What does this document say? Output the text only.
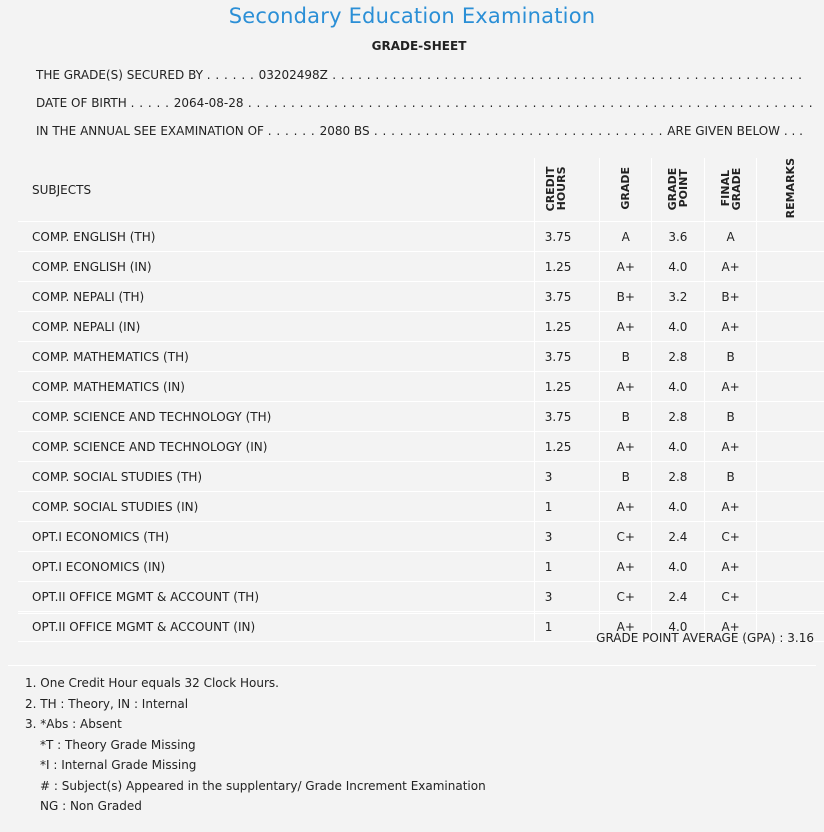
Secondary Education Examination
GRADE-SHEET
THE GRADE(S) SECURED BY . . . . . . 03202498Z . . . . . . . . . . . . . . . . . . . . . . . . . . . . . . . . . . . . . . . . . . . . . . . . . . . . . . .
DATE OF BIRTH . . . . . 2064-08-28 . . . . . . . . . . . . . . . . . . . . . . . . . . . . . . . . . . . . . . . . . . . . . . . . . . . . . . . . . . . . . . . . . .
IN THE ANNUAL SEE EXAMINATION OF . . . . . . 2080 BS . . . . . . . . . . . . . . . . . . . . . . . . . . . . . . . . . . ARE GIVEN BELOW . . .
SUBJECTS	CREDIT HOURS	GRADE	GRADE POINT	FINAL GRADE	REMARKS
COMP. ENGLISH (TH)	3.75	A	3.6	A	
COMP. ENGLISH (IN)	1.25	A+	4.0	A+	
COMP. NEPALI (TH)	3.75	B+	3.2	B+	
COMP. NEPALI (IN)	1.25	A+	4.0	A+	
COMP. MATHEMATICS (TH)	3.75	B	2.8	B	
COMP. MATHEMATICS (IN)	1.25	A+	4.0	A+	
COMP. SCIENCE AND TECHNOLOGY (TH)	3.75	B	2.8	B	
COMP. SCIENCE AND TECHNOLOGY (IN)	1.25	A+	4.0	A+	
COMP. SOCIAL STUDIES (TH)	3	B	2.8	B	
COMP. SOCIAL STUDIES (IN)	1	A+	4.0	A+	
OPT.I ECONOMICS (TH)	3	C+	2.4	C+	
OPT.I ECONOMICS (IN)	1	A+	4.0	A+	
OPT.II OFFICE MGMT & ACCOUNT (TH)	3	C+	2.4	C+	
OPT.II OFFICE MGMT & ACCOUNT (IN)	1	A+	4.0	A+	
GRADE POINT AVERAGE (GPA) : 3.16
1. One Credit Hour equals 32 Clock Hours.
2. TH : Theory, IN : Internal
3. *Abs : Absent
*T : Theory Grade Missing
*I : Internal Grade Missing
# : Subject(s) Appeared in the supplentary/ Grade Increment Examination
NG : Non Graded
